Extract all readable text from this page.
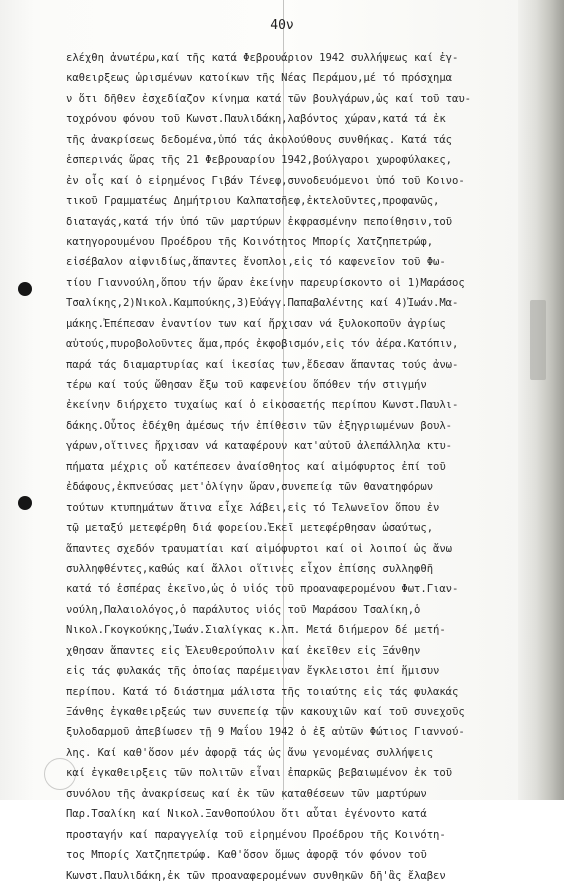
40ν
ελέχθη ἀνωτέρω,καί τῆς κατά Φεβρουάριον 1942 συλλήψεως καί ἐγ-
καθειρξεως ὡρισμένων κατοίκων τῆς Νέας Περάμου,μέ τό πρόσχημα
ν ὅτι δῆθεν ἐσχεδίαζον κίνημα κατά τῶν βουλγάρων,ὡς καί τοῦ ταυ-
τοχρόνου φόνου τοῦ Κωνστ.Παυλιδάκη,λαβόντος χώραν,κατά τά ἐκ
τῆς ἀνακρίσεως δεδομένα,ὑπό τάς ἀκολούθους συνθήκας. Κατά τάς
ἑσπερινάς ὥρας τῆς 21 Φεβρουαρίου 1942,βούλγαροι χωροφύλακες,
ἐν οἷς καί ὁ εἰρημένος Γιβάν Τένεφ,συνοδευόμενοι ὑπό τοῦ Κοινο-
τικοῦ Γραμματέως Δημήτριου Καλπατσῆεφ,ἐκτελοῦντες,προφανῶς,
διαταγάς,κατά τήν ὑπό τῶν μαρτύρων ἐκφρασμένην πεποίθησιν,τοῦ
κατηγορουμένου Προέδρου τῆς Κοινότητος Μπορίς Χατζηπετρώφ,
εἰσέβαλον αἰφνιδίως,ἅπαντες ἔνοπλοι,εἰς τό καφενεῖον τοῦ Φω-
τίου Γιαννούλη,ὅπου τήν ὥραν ἐκείνην παρευρίσκοντο οἱ 1)Μαράσος
Τσαλίκης,2)Νικολ.Καμπούκης,3)Εὐάγγ.Παπαβαλέντης καί 4)Ἰωάν.Μα-
μάκης.Ἐπέπεσαν ἐναντίον των καί ἤρχισαν νά ξυλοκοποῦν ἀγρίως
αὐτούς,πυροβολοῦντες ἅμα,πρός ἐκφοβισμόν,εἰς τόν ἀέρα.Κατόπιν,
παρά τάς διαμαρτυρίας καί ἱκεσίας των,ἔδεσαν ἅπαντας τούς ἀνω-
τέρω καί τούς ὤθησαν ἔξω τοῦ καφενείου ὅπόθεν τήν στιγμήν
ἐκείνην διήρχετο τυχαίως καί ὁ εἰκοσαετής περίπου Κωνστ.Παυλι-
δάκης.Οὗτος ἐδέχθη ἀμέσως τήν ἐπίθεσιν τῶν ἐξηγριωμένων βουλ-
γάρων,οἵτινες ἤρχισαν νά καταφέρουν κατ'αὐτοῦ ἀλεπάλληλα κτυ-
πήματα μέχρις οὗ κατέπεσεν ἀναίσθητος καί αἱμόφυρτος ἐπί τοῦ
ἐδάφους,ἐκπνεύσας μετ'ὀλίγην ὥραν,συνεπείᾳ τῶν θανατηφόρων
τούτων κτυπημάτων ἅτινα εἶχε λάβει,εἰς τό Τελωνεῖον ὅπου ἐν
τῷ μεταξύ μετεφέρθη διά φορείου.Ἐκεῖ μετεφέρθησαν ὡσαύτως,
ἅπαντες σχεδόν τραυματίαι καί αἱμόφυρτοι καί οἱ λοιποί ὡς ἄνω
συλληφθέντες,καθώς καί ἄλλοι οἵτινες εἶχον ἐπίσης συλληφθῆ
κατά τό ἑσπέρας ἐκεῖνο,ὡς ὁ υἱός τοῦ προαναφερομένου Φωτ.Γιαν-
νούλη,Παλαιολόγος,ὁ παράλυτος υἱός τοῦ Μαράσου Τσαλίκη,ὁ
Νικολ.Γκογκούκης,Ἰωάν.Σιαλίγκας κ.λπ. Μετά διήμερον δέ μετή-
χθησαν ἅπαντες εἰς Ἐλευθερούπολιν καί ἐκεῖθεν εἰς Ξάνθην
εἰς τάς φυλακάς τῆς ὁποίας παρέμειναν ἔγκλειστοι ἐπί ἥμισυν
περίπου. Κατά τό διάστημα μάλιστα τῆς τοιαύτης εἰς τάς φυλακάς
Ξάνθης ἐγκαθειρξεώς των συνεπείᾳ τῶν κακουχιῶν καί τοῦ συνεχοῦς
ξυλοδαρμοῦ ἀπεβίωσεν τῇ 9 Μαΐου 1942 ὁ ἐξ αὐτῶν Φώτιος Γιαννού-
λης. Καί καθ'ὅσον μέν ἀφορᾷ τάς ὡς ἄνω γενομένας συλλήψεις
καί ἐγκαθειρξεις τῶν πολιτῶν εἶναι ἐπαρκῶς βεβαιωμένον ἐκ τοῦ
συνόλου τῆς ἀνακρίσεως καί ἐκ τῶν καταθέσεων τῶν μαρτύρων
Παρ.Τσαλίκη καί Νικολ.Ξανθοπούλου ὅτι αὗται ἐγένοντο κατά
προσταγήν καί παραγγελίᾳ τοῦ εἰρημένου Προέδρου τῆς Κοινότη-
τος Μπορίς Χατζηπετρώφ. Καθ'ὅσον ὅμως ἀφορᾷ τόν φόνον τοῦ
Κωνστ.Παυλιδάκη,ἐκ τῶν προαναφερομένων συνθηκῶν δῆ'ἃς ἔλαβεν
